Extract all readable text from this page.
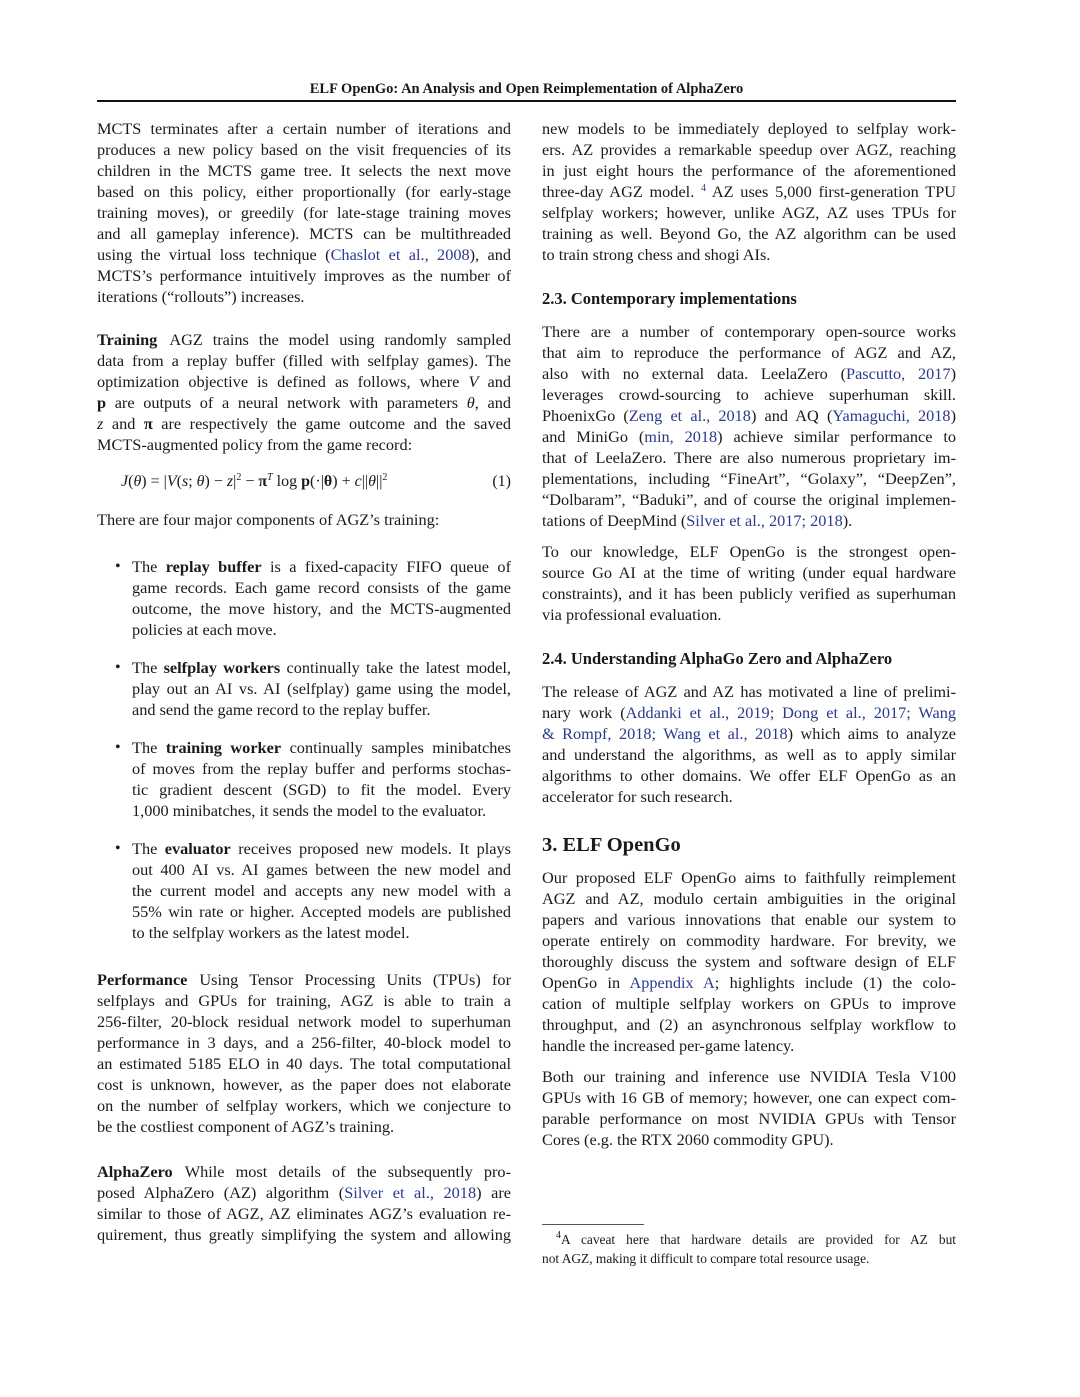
ELF OpenGo: An Analysis and Open Reimplementation of AlphaZero
MCTS terminates after a certain number of iterations and
produces a new policy based on the visit frequencies of its
children in the MCTS game tree. It selects the next move
based on this policy, either proportionally (for early-stage
training moves), or greedily (for late-stage training moves
and all gameplay inference). MCTS can be multithreaded
using the virtual loss technique (Chaslot et al., 2008), and
MCTS’s performance intuitively improves as the number of
iterations (“rollouts”) increases.
Training AGZ trains the model using randomly sampled
data from a replay buffer (filled with selfplay games). The
optimization objective is defined as follows, where V and
p are outputs of a neural network with parameters θ, and
z and π are respectively the game outcome and the saved
MCTS-augmented policy from the game record:
J(θ) = |V(s; $\theta) - z|^2 - \pi^T$ $\log p(\cdot|\theta) + c||\theta||^2$	(1)
There are four major components of AGZ’s training:
• The replay buffer is a fixed-capacity FIFO queue of
game records. Each game record consists of the game
outcome, the move history, and the MCTS-augmented
policies at each move.
• The selfplay workers continually take the latest model,
play out an AI vs. AI (selfplay) game using the model,
and send the game record to the replay buffer.
• The training worker continually samples minibatches
of moves from the replay buffer and performs stochas-
tic gradient descent (SGD) to fit the model. Every
1,000 minibatches, it sends the model to the evaluator.
• The evaluator receives proposed new models. It plays
out 400 AI vs. AI games between the new model and
the current model and accepts any new model with a
55% win rate or higher. Accepted models are published
to the selfplay workers as the latest model.
Performance Using Tensor Processing Units (TPUs) for
selfplays and GPUs for training, AGZ is able to train a
256-filter, 20-block residual network model to superhuman
performance in 3 days, and a 256-filter, 40-block model to
an estimated 5185 ELO in 40 days. The total computational
cost is unknown, however, as the paper does not elaborate
on the number of selfplay workers, which we conjecture to
be the costliest component of AGZ’s training.
AlphaZero While most details of the subsequently pro-
posed AlphaZero (AZ) algorithm (Silver et al., 2018) are
similar to those of AGZ, AZ eliminates AGZ’s evaluation re-
quirement, thus greatly simplifying the system and allowing
new models to be immediately deployed to selfplay work-
ers. AZ provides a remarkable speedup over AGZ, reaching
in just eight hours the performance of the aforementioned
three-day AGZ model. $^4$ AZ uses 5,000 first-generation TPU
selfplay workers; however, unlike AGZ, AZ uses TPUs for
training as well. Beyond Go, the AZ algorithm can be used
to train strong chess and shogi AIs.
2.3. Contemporary implementations
There are a number of contemporary open-source works
that aim to reproduce the performance of AGZ and AZ,
also with no external data. LeelaZero (Pascutto, 2017)
leverages crowd-sourcing to achieve superhuman skill.
PhoenixGo (Zeng et al., 2018) and AQ (Yamaguchi, 2018)
and MiniGo (min, 2018) achieve similar performance to
that of LeelaZero. There are also numerous proprietary im-
plementations, including “FineArt”, “Golaxy”, “DeepZen”,
“Dolbaram”, “Baduki”, and of course the original implemen-
tations of DeepMind (Silver et al., 2017; 2018).
To our knowledge, ELF OpenGo is the strongest open-
source Go AI at the time of writing (under equal hardware
constraints), and it has been publicly verified as superhuman
via professional evaluation.
2.4. Understanding AlphaGo Zero and AlphaZero
The release of AGZ and AZ has motivated a line of prelimi-
nary work (Addanki et al., 2019; Dong et al., 2017; Wang
& Rompf, 2018; Wang et al., 2018) which aims to analyze
and understand the algorithms, as well as to apply similar
algorithms to other domains. We offer ELF OpenGo as an
accelerator for such research.
3. ELF OpenGo
Our proposed ELF OpenGo aims to faithfully reimplement
AGZ and AZ, modulo certain ambiguities in the original
papers and various innovations that enable our system to
operate entirely on commodity hardware. For brevity, we
thoroughly discuss the system and software design of ELF
OpenGo in Appendix A; highlights include (1) the colo-
cation of multiple selfplay workers on GPUs to improve
throughput, and (2) an asynchronous selfplay workflow to
handle the increased per-game latency.
Both our training and inference use NVIDIA Tesla V100
GPUs with 16 GB of memory; however, one can expect com-
parable performance on most NVIDIA GPUs with Tensor
Cores (e.g. the RTX 2060 commodity GPU).
$^4$A caveat here that hardware details are provided for AZ but
not AGZ, making it difficult to compare total resource usage.
